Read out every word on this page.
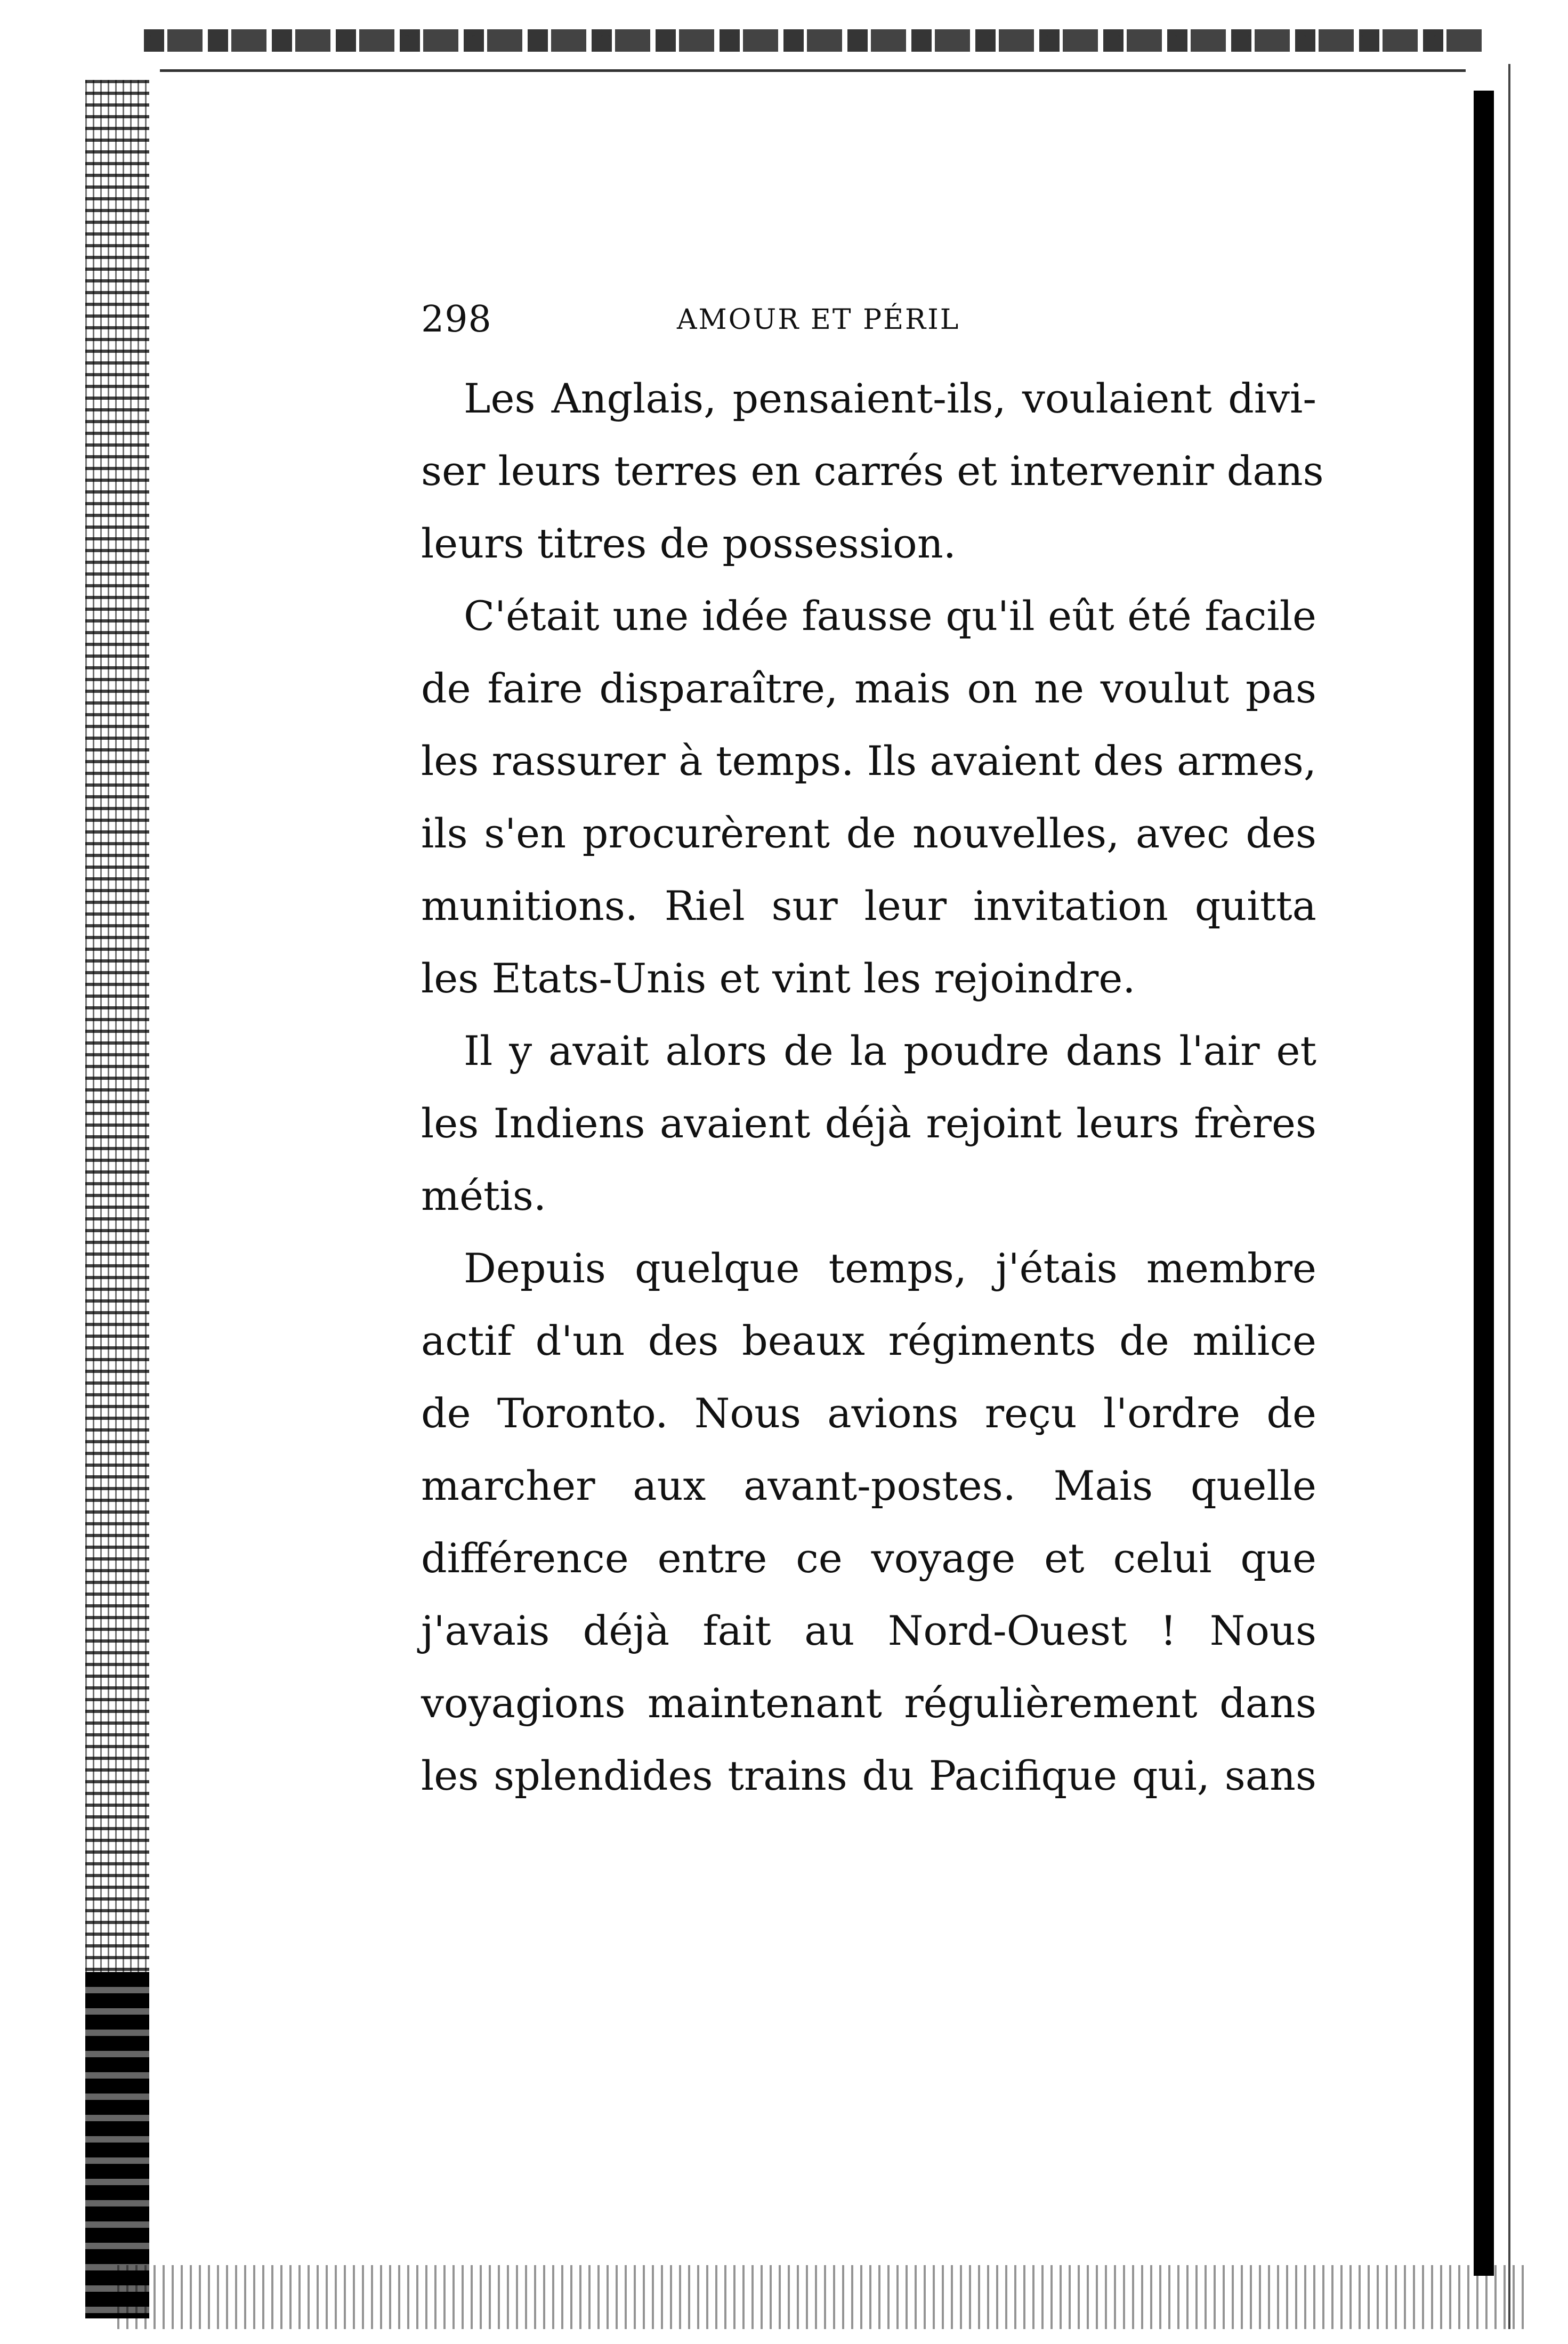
298	AMOUR ET PÉRIL
Les Anglais, pensaient-ils, voulaient divi-
ser leurs terres en carrés et intervenir dans
leurs titres de possession.
C'était une idée fausse qu'il eût été facile
de faire disparaître, mais on ne voulut pas
les rassurer à temps. Ils avaient des armes,
ils s'en procurèrent de nouvelles, avec des
munitions. Riel sur leur invitation quitta
les Etats-Unis et vint les rejoindre.
Il y avait alors de la poudre dans l'air et
les Indiens avaient déjà rejoint leurs frères
métis.
Depuis quelque temps, j'étais membre
actif d'un des beaux régiments de milice
de Toronto. Nous avions reçu l'ordre de
marcher aux avant-postes. Mais quelle
différence entre ce voyage et celui que
j'avais déjà fait au Nord-Ouest ! Nous
voyagions maintenant régulièrement dans
les splendides trains du Pacifique qui, sans
